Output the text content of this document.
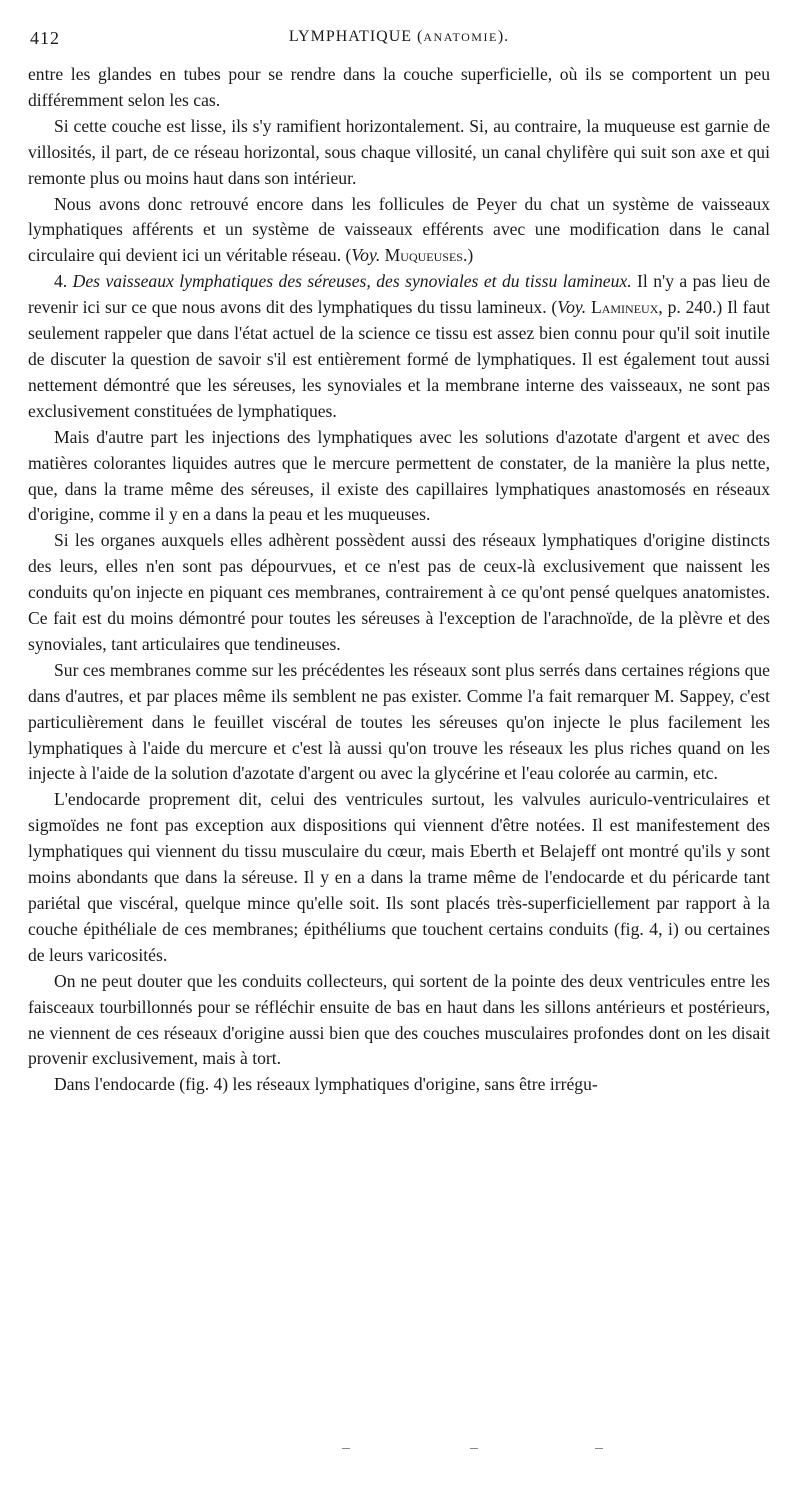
412	LYMPHATIQUE (ANATOMIE).

entre les glandes en tubes pour se rendre dans la couche superficielle, où ils se comportent un peu différemment selon les cas.

Si cette couche est lisse, ils s'y ramifient horizontalement. Si, au contraire, la muqueuse est garnie de villosités, il part, de ce réseau horizontal, sous chaque villosité, un canal chylifère qui suit son axe et qui remonte plus ou moins haut dans son intérieur.

Nous avons donc retrouvé encore dans les follicules de Peyer du chat un système de vaisseaux lymphatiques afférents et un système de vaisseaux efférents avec une modification dans le canal circulaire qui devient ici un véritable réseau. (Voy. Muqueuses.)

4. Des vaisseaux lymphatiques des séreuses, des synoviales et du tissu lamineux. Il n'y a pas lieu de revenir ici sur ce que nous avons dit des lymphatiques du tissu lamineux. (Voy. Lamineux, p. 240.) Il faut seulement rappeler que dans l'état actuel de la science ce tissu est assez bien connu pour qu'il soit inutile de discuter la question de savoir s'il est entièrement formé de lymphatiques. Il est également tout aussi nettement démontré que les séreuses, les synoviales et la membrane interne des vaisseaux, ne sont pas exclusivement constituées de lymphatiques.

Mais d'autre part les injections des lymphatiques avec les solutions d'azotate d'argent et avec des matières colorantes liquides autres que le mercure permettent de constater, de la manière la plus nette, que, dans la trame même des séreuses, il existe des capillaires lymphatiques anastomosés en réseaux d'origine, comme il y en a dans la peau et les muqueuses.

Si les organes auxquels elles adhèrent possèdent aussi des réseaux lymphatiques d'origine distincts des leurs, elles n'en sont pas dépourvues, et ce n'est pas de ceux-là exclusivement que naissent les conduits qu'on injecte en piquant ces membranes, contrairement à ce qu'ont pensé quelques anatomistes. Ce fait est du moins démontré pour toutes les séreuses à l'exception de l'arachnoïde, de la plèvre et des synoviales, tant articulaires que tendineuses.

Sur ces membranes comme sur les précédentes les réseaux sont plus serrés dans certaines régions que dans d'autres, et par places même ils semblent ne pas exister. Comme l'a fait remarquer M. Sappey, c'est particulièrement dans le feuillet viscéral de toutes les séreuses qu'on injecte le plus facilement les lymphatiques à l'aide du mercure et c'est là aussi qu'on trouve les réseaux les plus riches quand on les injecte à l'aide de la solution d'azotate d'argent ou avec la glycérine et l'eau colorée au carmin, etc.

L'endocarde proprement dit, celui des ventricules surtout, les valvules auriculo-ventriculaires et sigmoïdes ne font pas exception aux dispositions qui viennent d'être notées. Il est manifestement des lymphatiques qui viennent du tissu musculaire du cœur, mais Eberth et Belajeff ont montré qu'ils y sont moins abondants que dans la séreuse. Il y en a dans la trame même de l'endocarde et du péricarde tant pariétal que viscéral, quelque mince qu'elle soit. Ils sont placés très-superficiellement par rapport à la couche épithéliale de ces membranes; épithéliums que touchent certains conduits (fig. 4, i) ou certaines de leurs varicosités.

On ne peut douter que les conduits collecteurs, qui sortent de la pointe des deux ventricules entre les faisceaux tourbillonnés pour se réfléchir ensuite de bas en haut dans les sillons antérieurs et postérieurs, ne viennent de ces réseaux d'origine aussi bien que des couches musculaires profondes dont on les disait provenir exclusivement, mais à tort.

Dans l'endocarde (fig. 4) les réseaux lymphatiques d'origine, sans être irrégu-
